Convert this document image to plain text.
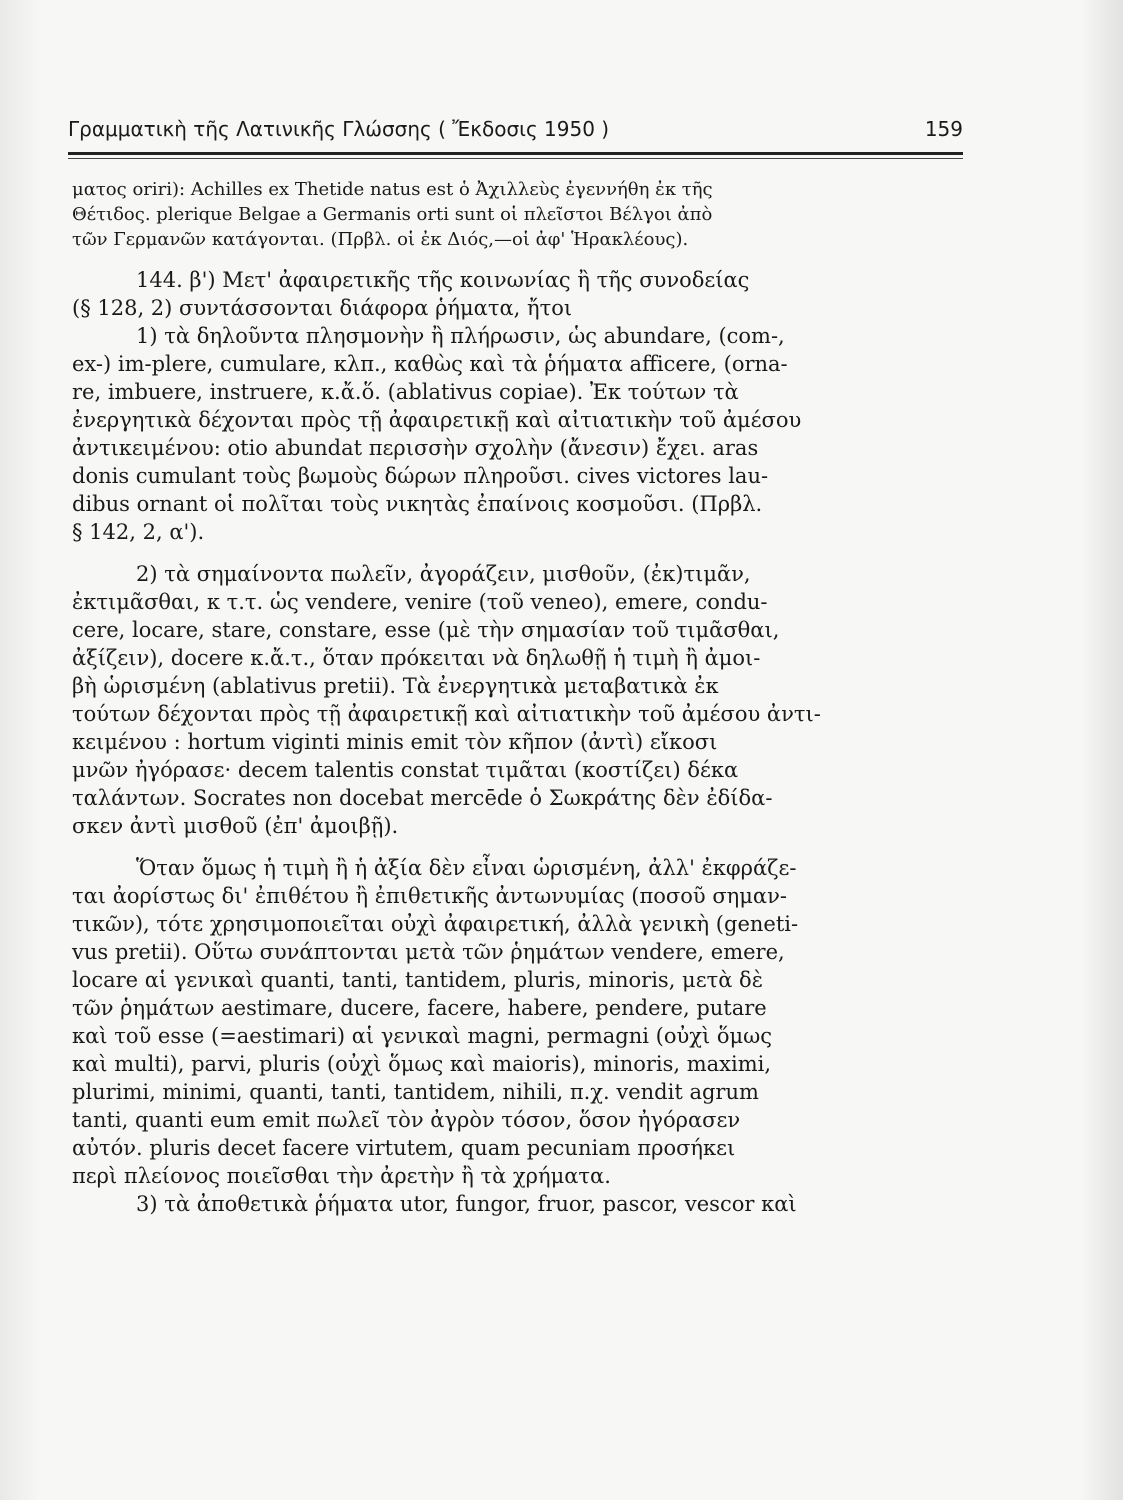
Γραμματικὴ τῆς Λατινικῆς Γλώσσης ( Ἔκδοσις 1950 )	159

ματος oriri): Achilles ex Thetide natus est ὁ Ἀχιλλεὺς ἐγεννήθη ἐκ τῆς
Θέτιδος. plerique Belgae a Germanis orti sunt οἱ πλεῖστοι Βέλγοι ἀπὸ
τῶν Γερμανῶν κατάγονται. (Πρβλ. οἱ ἐκ Διός,—οἱ ἀφ' Ἡρακλέους).

144. β') Μετ' ἀφαιρετικῆς τῆς κοινωνίας ἢ τῆς συνοδείας
(§ 128, 2) συντάσσονται διάφορα ῥήματα, ἤτοι

1) τὰ δηλοῦντα πλησμονὴν ἢ πλήρωσιν, ὡς abundare, (com-,
ex-) im-plere, cumulare, κλπ., καθὼς καὶ τὰ ῥήματα afficere, (orna-
re, imbuere, instruere, κ.ἄ.ὅ. (ablativus copiae). Ἐκ τούτων τὰ
ἐνεργητικὰ δέχονται πρὸς τῇ ἀφαιρετικῇ καὶ αἰτιατικὴν τοῦ ἀμέσου
ἀντικειμένου: otio abundat περισσὴν σχολὴν (ἄνεσιν) ἔχει. aras
donis cumulant τοὺς βωμοὺς δώρων πληροῦσι. cives victores lau-
dibus ornant οἱ πολῖται τοὺς νικητὰς ἐπαίνοις κοσμοῦσι. (Πρβλ.
§ 142, 2, α').

2) τὰ σημαίνοντα πωλεῖν, ἀγοράζειν, μισθοῦν, (ἐκ)τιμᾶν,
ἐκτιμᾶσθαι, κ τ.τ. ὡς vendere, venire (τοῦ veneo), emere, condu-
cere, locare, stare, constare, esse (μὲ τὴν σημασίαν τοῦ τιμᾶσθαι,
ἀξίζειν), docere κ.ἄ.τ., ὅταν πρόκειται νὰ δηλωθῇ ἡ τιμὴ ἢ ἀμοι-
βὴ ὡρισμένη (ablativus pretii). Τὰ ἐνεργητικὰ μεταβατικὰ ἐκ
τούτων δέχονται πρὸς τῇ ἀφαιρετικῇ καὶ αἰτιατικὴν τοῦ ἀμέσου ἀντι-
κειμένου : hortum viginti minis emit τὸν κῆπον (ἀντὶ) εἴκοσι
μνῶν ἠγόρασε· decem talentis constat τιμᾶται (κοστίζει) δέκα
ταλάντων. Socrates non docebat mercēde ὁ Σωκράτης δὲν ἐδίδα-
σκεν ἀντὶ μισθοῦ (ἐπ' ἀμοιβῇ).

Ὅταν ὅμως ἡ τιμὴ ἢ ἡ ἀξία δὲν εἶναι ὡρισμένη, ἀλλ' ἐκφράζε-
ται ἀορίστως δι' ἐπιθέτου ἢ ἐπιθετικῆς ἀντωνυμίας (ποσοῦ σημαν-
τικῶν), τότε χρησιμοποιεῖται οὐχὶ ἀφαιρετική, ἀλλὰ γενικὴ (geneti-
vus pretii). Οὕτω συνάπτονται μετὰ τῶν ῥημάτων vendere, emere,
locare αἱ γενικαὶ quanti, tanti, tantidem, pluris, minoris, μετὰ δὲ
τῶν ῥημάτων aestimare, ducere, facere, habere, pendere, putare
καὶ τοῦ esse (=aestimari) αἱ γενικαὶ magni, permagni (οὐχὶ ὅμως
καὶ multi), parvi, pluris (οὐχὶ ὅμως καὶ maioris), minoris, maximi,
plurimi, minimi, quanti, tanti, tantidem, nihili, π.χ. vendit agrum
tanti, quanti eum emit πωλεῖ τὸν ἀγρὸν τόσον, ὅσον ἠγόρασεν
αὐτόν. pluris decet facere virtutem, quam pecuniam προσήκει
περὶ πλείονος ποιεῖσθαι τὴν ἀρετὴν ἢ τὰ χρήματα.

3) τὰ ἀποθετικὰ ῥήματα utor, fungor, fruor, pascor, vescor καὶ
